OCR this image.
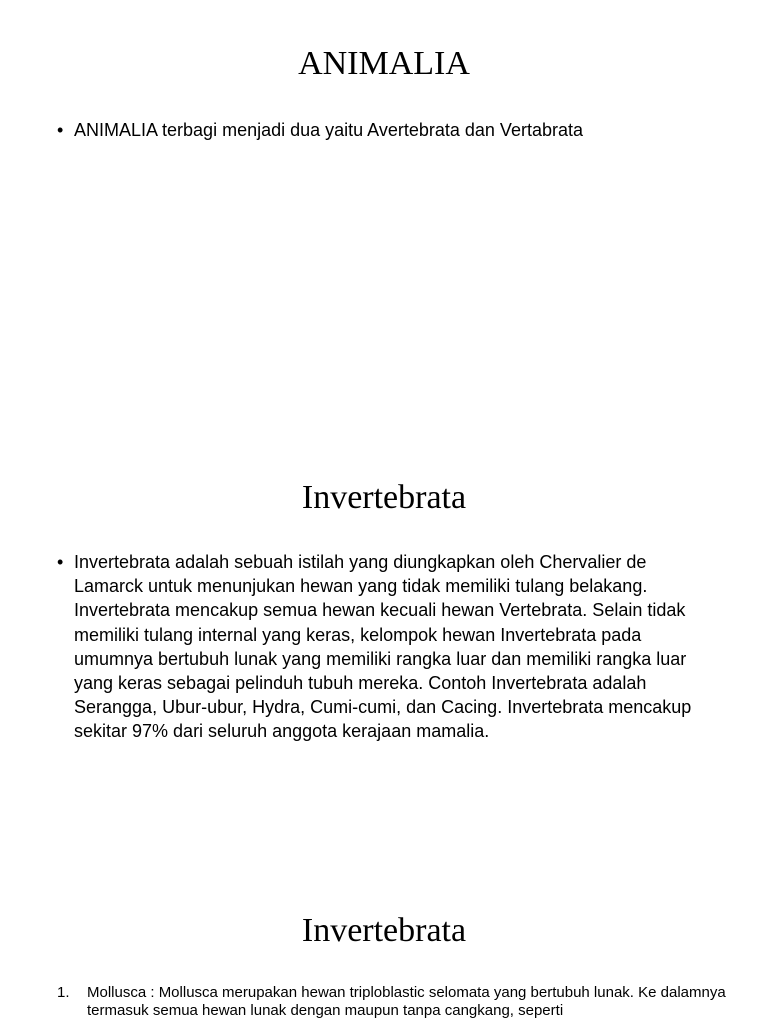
ANIMALIA
• ANIMALIA terbagi menjadi dua yaitu Avertebrata dan Vertabrata
Invertebrata
• Invertebrata adalah sebuah istilah yang diungkapkan oleh Chervalier de Lamarck untuk menunjukan hewan yang tidak memiliki tulang belakang. Invertebrata mencakup semua hewan kecuali hewan Vertebrata. Selain tidak memiliki tulang internal yang keras, kelompok hewan Invertebrata pada umumnya bertubuh lunak yang memiliki rangka luar dan memiliki rangka luar yang keras sebagai pelinduh tubuh mereka. Contoh Invertebrata adalah Serangga, Ubur-ubur, Hydra, Cumi-cumi, dan Cacing. Invertebrata mencakup sekitar 97% dari seluruh anggota kerajaan mamalia.
Invertebrata
1. Mollusca : Mollusca merupakan hewan triploblastic selomata yang bertubuh lunak. Ke dalamnya termasuk semua hewan lunak dengan maupun tanpa cangkang, seperti
